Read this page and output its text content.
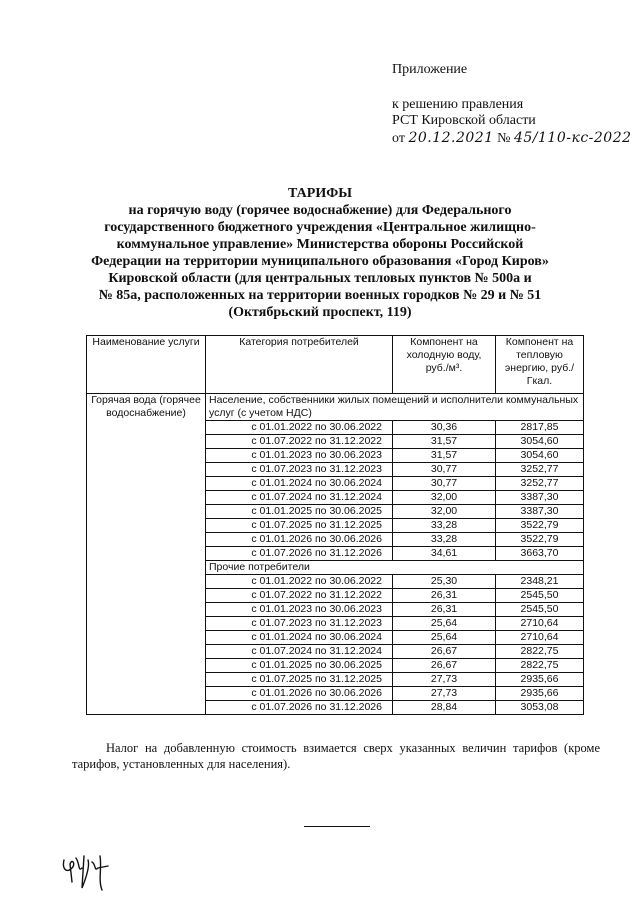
Приложение
к решению правления
РСТ Кировской области
от 20.12.2021 № 45/110-кс-2022
ТАРИФЫ
на горячую воду (горячее водоснабжение) для Федерального
государственного бюджетного учреждения «Центральное жилищно-
коммунальное управление» Министерства обороны Российской
Федерации на территории муниципального образования «Город Киров»
Кировской области (для центральных тепловых пунктов № 500а и
№ 85а, расположенных на территории военных городков № 29 и № 51
(Октябрьский проспект, 119)
Наименование услуги	Категория потребителей	Компонент на холодную воду, руб./м³.	Компонент на тепловую энергию, руб./Гкал.
Горячая вода (горячее водоснабжение)	Население, собственники жилых помещений и исполнители коммунальных услуг (с учетом НДС)		
	с 01.01.2022 по 30.06.2022	30,36	2817,85
	с 01.07.2022 по 31.12.2022	31,57	3054,60
	с 01.01.2023 по 30.06.2023	31,57	3054,60
	с 01.07.2023 по 31.12.2023	30,77	3252,77
	с 01.01.2024 по 30.06.2024	30,77	3252,77
	с 01.07.2024 по 31.12.2024	32,00	3387,30
	с 01.01.2025 по 30.06.2025	32,00	3387,30
	с 01.07.2025 по 31.12.2025	33,28	3522,79
	с 01.01.2026 по 30.06.2026	33,28	3522,79
	с 01.07.2026 по 31.12.2026	34,61	3663,70
	Прочие потребители		
	с 01.01.2022 по 30.06.2022	25,30	2348,21
	с 01.07.2022 по 31.12.2022	26,31	2545,50
	с 01.01.2023 по 30.06.2023	26,31	2545,50
	с 01.07.2023 по 31.12.2023	25,64	2710,64
	с 01.01.2024 по 30.06.2024	25,64	2710,64
	с 01.07.2024 по 31.12.2024	26,67	2822,75
	с 01.01.2025 по 30.06.2025	26,67	2822,75
	с 01.07.2025 по 31.12.2025	27,73	2935,66
	с 01.01.2026 по 30.06.2026	27,73	2935,66
	с 01.07.2026 по 31.12.2026	28,84	3053,08
Налог на добавленную стоимость взимается сверх указанных величин тарифов (кроме тарифов, установленных для населения).
